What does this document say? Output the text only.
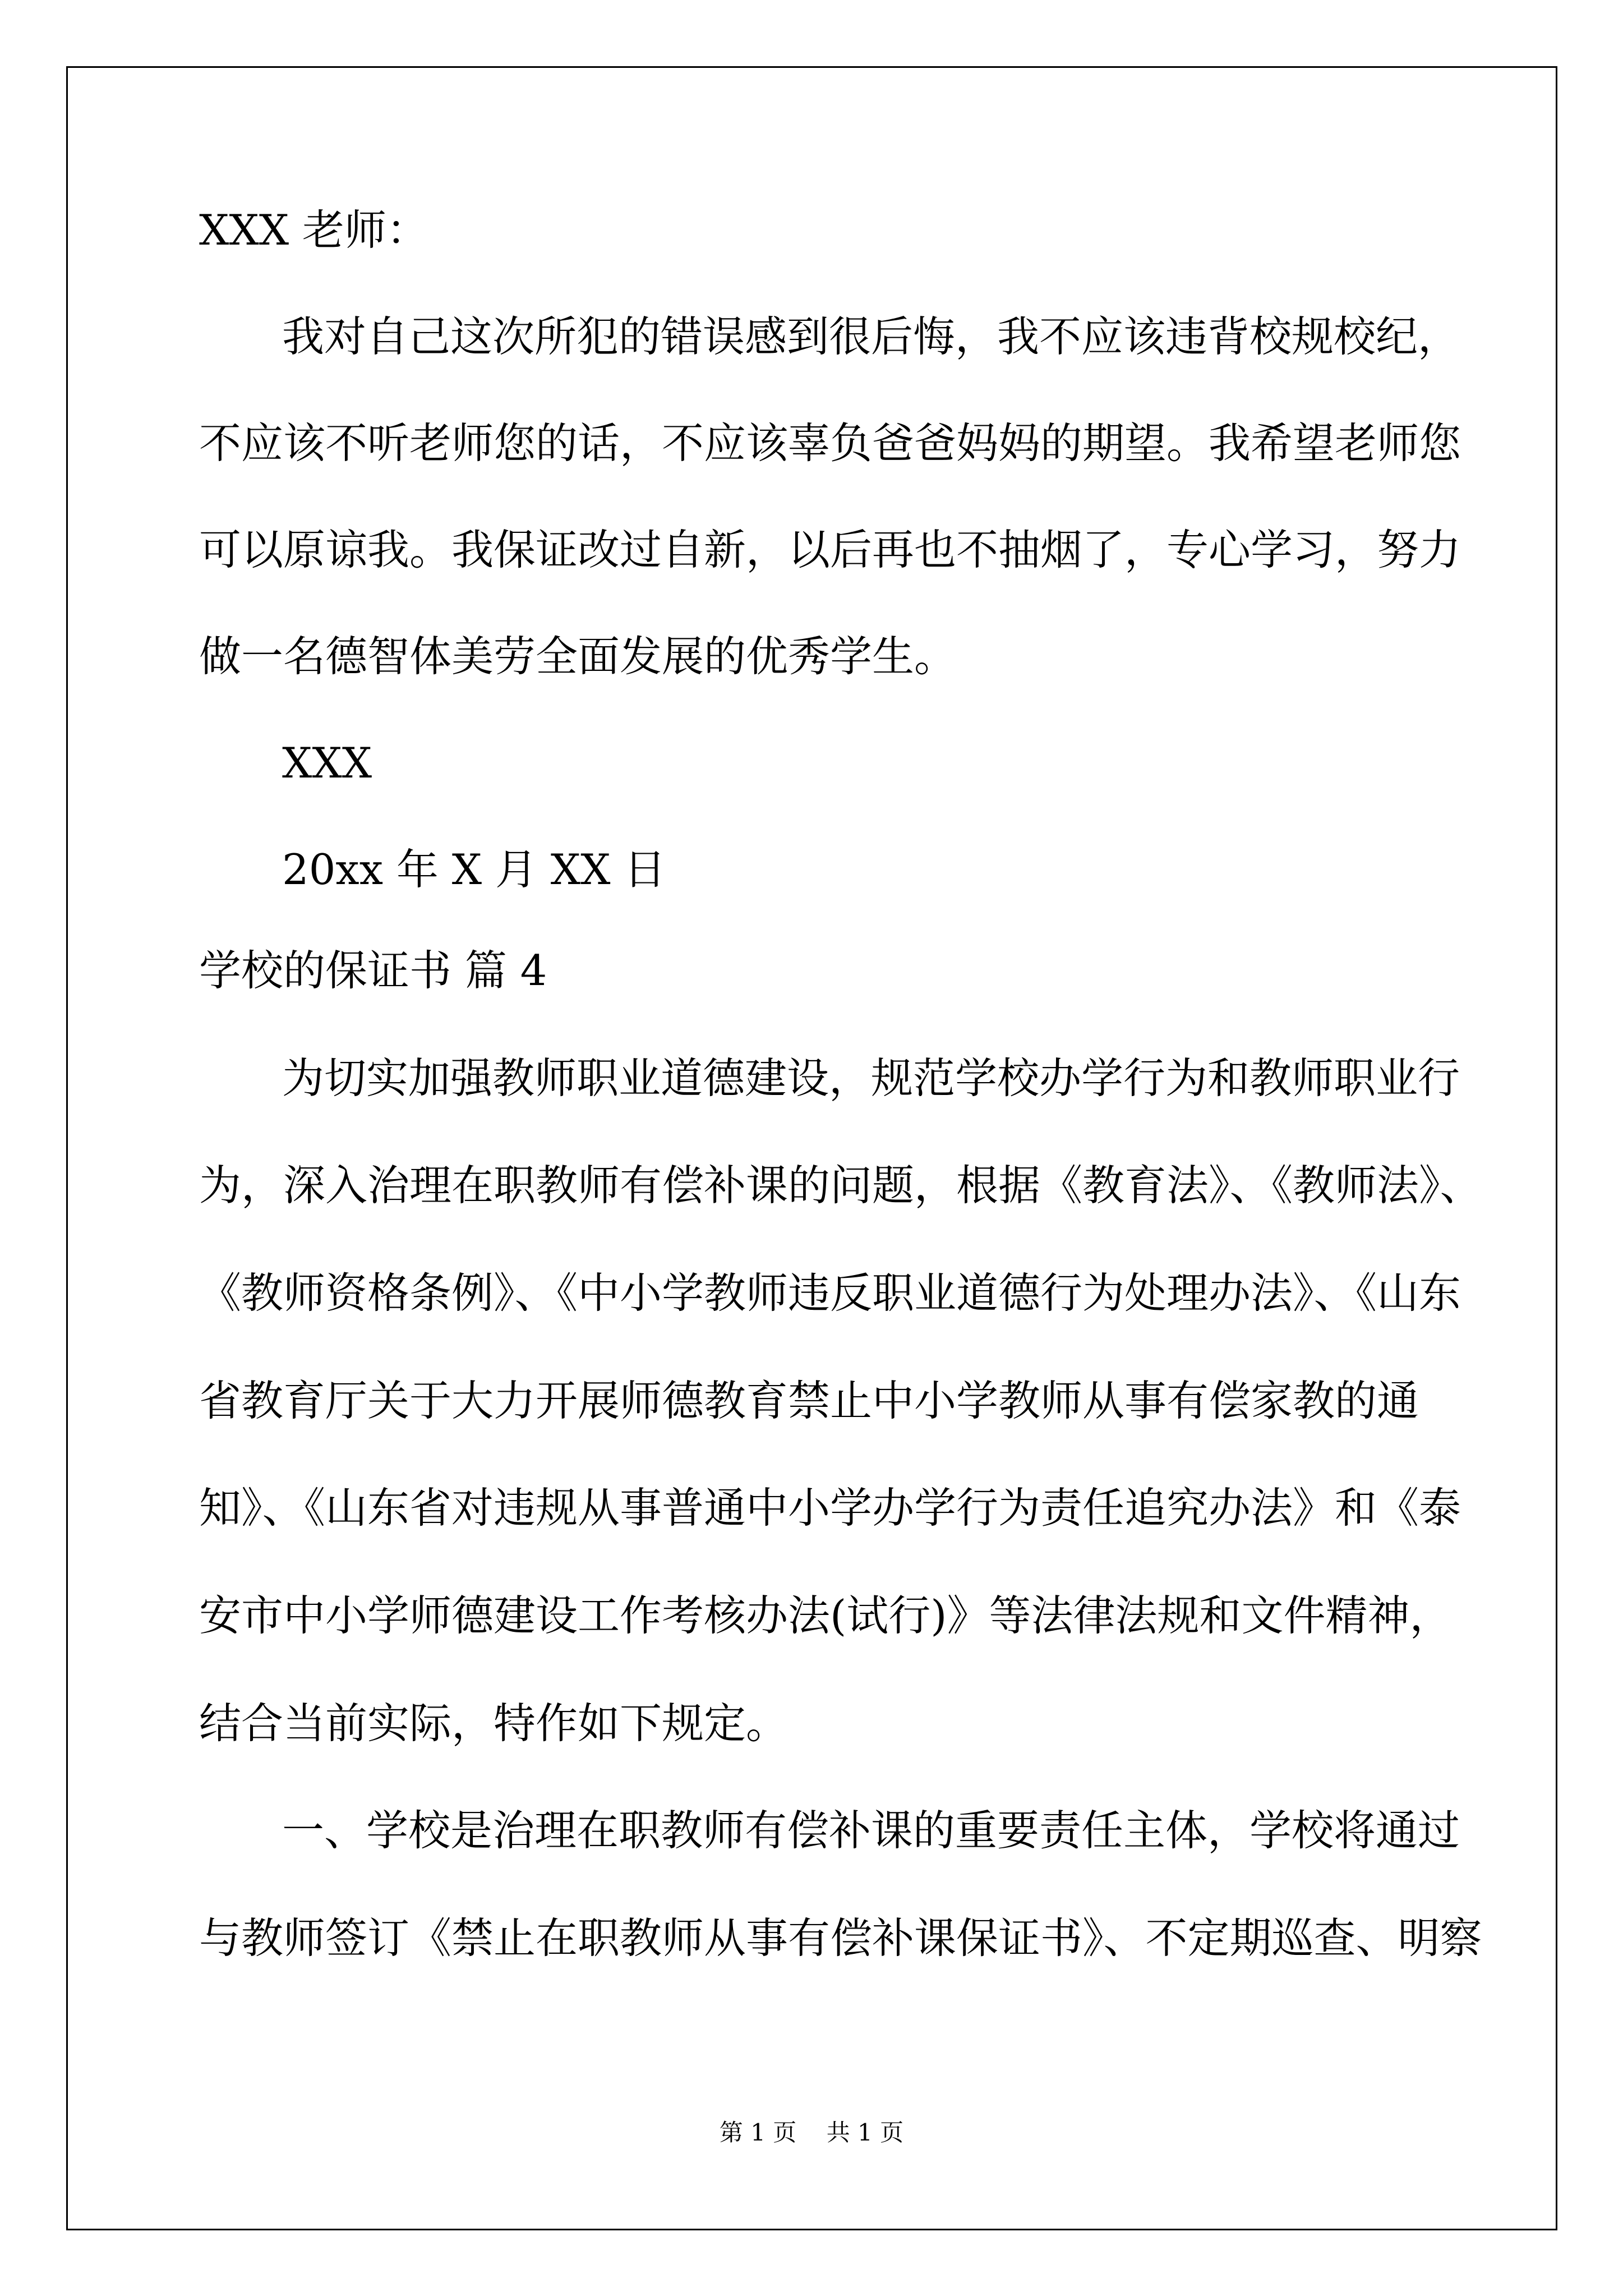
XXX 老师：
我对自己这次所犯的错误感到很后悔，我不应该违背校规校纪，
不应该不听老师您的话，不应该辜负爸爸妈妈的期望。我希望老师您
可以原谅我。我保证改过自新，以后再也不抽烟了，专心学习，努力
做一名德智体美劳全面发展的优秀学生。
XXX
20xx 年 X 月 XX 日
学校的保证书 篇 4
为切实加强教师职业道德建设，规范学校办学行为和教师职业行
为，深入治理在职教师有偿补课的问题，根据《教育法》、《教师法》、
《教师资格条例》、《中小学教师违反职业道德行为处理办法》、《山东
省教育厅关于大力开展师德教育禁止中小学教师从事有偿家教的通
知》、《山东省对违规从事普通中小学办学行为责任追究办法》和《泰
安市中小学师德建设工作考核办法(试行)》等法律法规和文件精神，
结合当前实际，特作如下规定。
一、学校是治理在职教师有偿补课的重要责任主体，学校将通过
与教师签订《禁止在职教师从事有偿补课保证书》、不定期巡查、明察
第 1 页    共 1 页
